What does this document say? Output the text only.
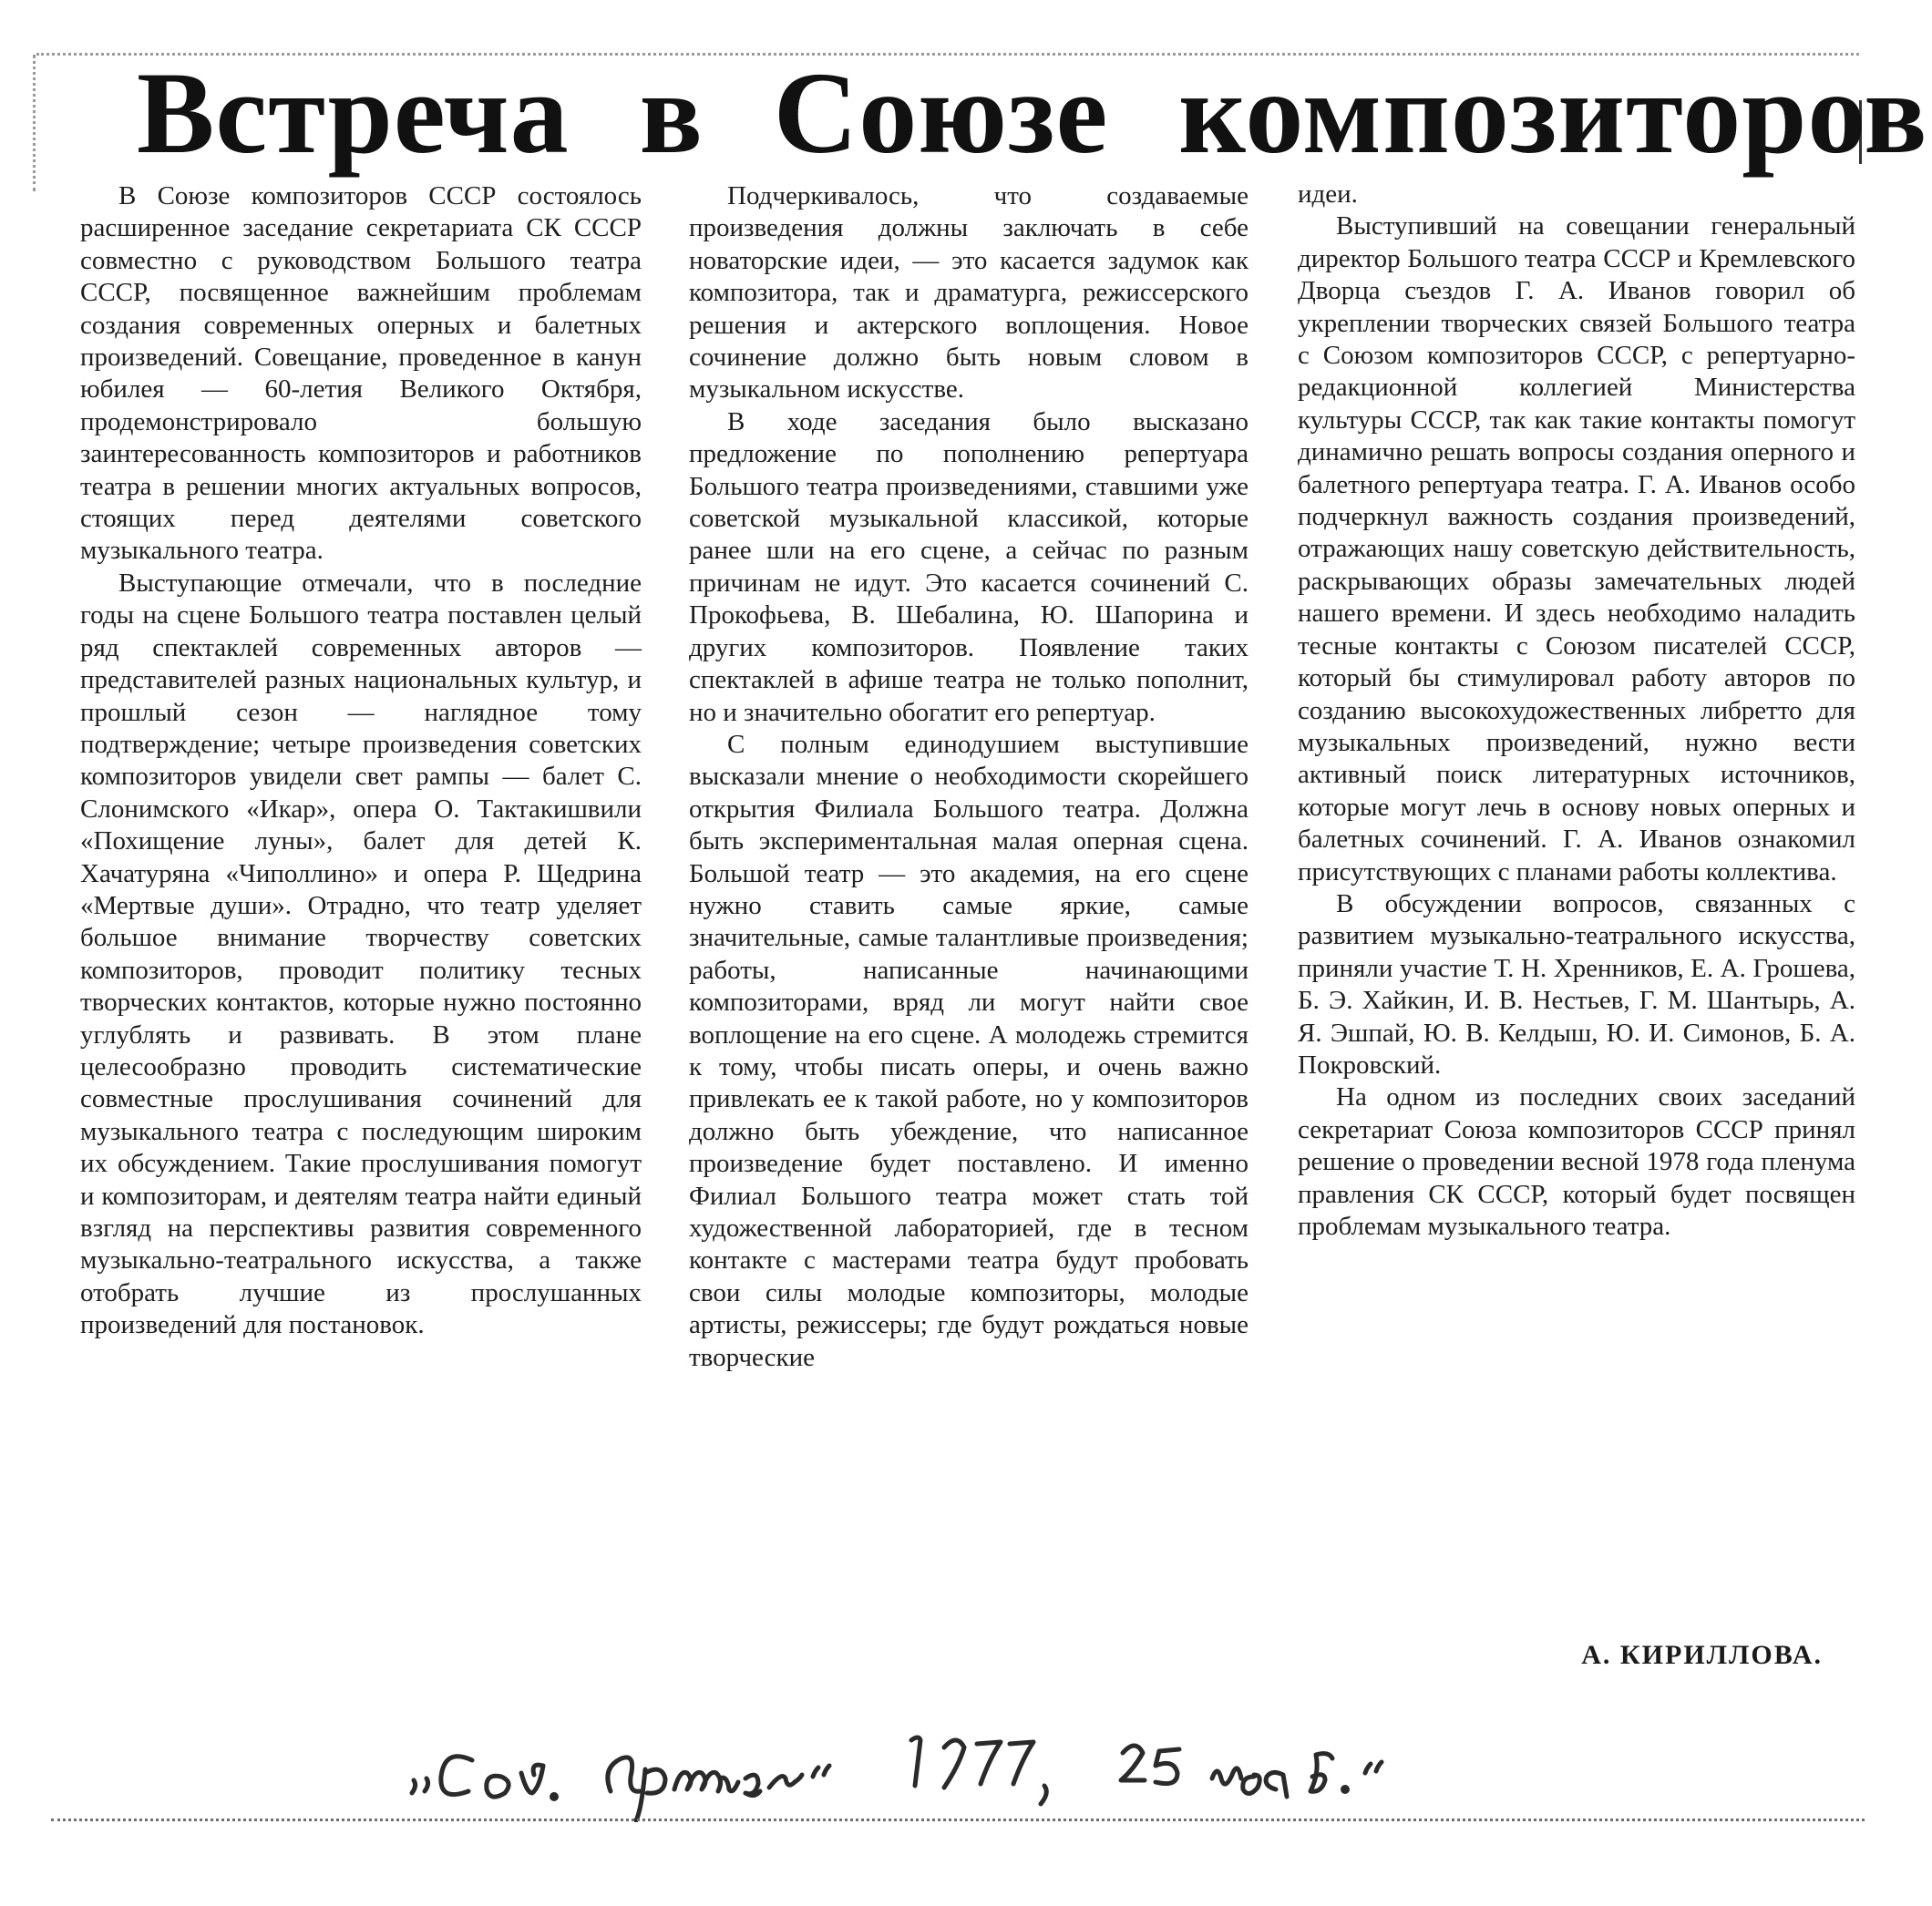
Встреча в Союзе композиторов

В Союзе композиторов СССР состоялось расширенное заседание секретариата СК СССР совместно с руководством Большого театра СССР, посвященное важнейшим проблемам создания современных оперных и балетных произведений. Совещание, проведенное в канун юбилея — 60-летия Великого Октября, продемонстрировало большую заинтересованность композиторов и работников театра в решении многих актуальных вопросов, стоящих перед деятелями советского музыкального театра.

Выступающие отмечали, что в последние годы на сцене Большого театра поставлен целый ряд спектаклей современных авторов — представителей разных национальных культур, и прошлый сезон — наглядное тому подтверждение; четыре произведения советских композиторов увидели свет рампы — балет С. Слонимского «Икар», опера О. Тактакишвили «Похищение луны», балет для детей К. Хачатуряна «Чиполлино» и опера Р. Щедрина «Мертвые души». Отрадно, что театр уделяет большое внимание творчеству советских композиторов, проводит политику тесных творческих контактов, которые нужно постоянно углублять и развивать. В этом плане целесообразно проводить систематические совместные прослушивания сочинений для музыкального театра с последующим широким их обсуждением. Такие прослушивания помогут и композиторам, и деятелям театра найти единый взгляд на перспективы развития современного музыкально-театрального искусства, а также отобрать лучшие из прослушанных произведений для постановок.

Подчеркивалось, что создаваемые произведения должны заключать в себе новаторские идеи, — это касается задумок как композитора, так и драматурга, режиссерского решения и актерского воплощения. Новое сочинение должно быть новым словом в музыкальном искусстве.

В ходе заседания было высказано предложение по пополнению репертуара Большого театра произведениями, ставшими уже советской музыкальной классикой, которые ранее шли на его сцене, а сейчас по разным причинам не идут. Это касается сочинений С. Прокофьева, В. Шебалина, Ю. Шапорина и других композиторов. Появление таких спектаклей в афише театра не только пополнит, но и значительно обогатит его репертуар.

С полным единодушием выступившие высказали мнение о необходимости скорейшего открытия Филиала Большого театра. Должна быть экспериментальная малая оперная сцена. Большой театр — это академия, на его сцене нужно ставить самые яркие, самые значительные, самые талантливые произведения; работы, написанные начинающими композиторами, вряд ли могут найти свое воплощение на его сцене. А молодежь стремится к тому, чтобы писать оперы, и очень важно привлекать ее к такой работе, но у композиторов должно быть убеждение, что написанное произведение будет поставлено. И именно Филиал Большого театра может стать той художественной лабораторией, где в тесном контакте с мастерами театра будут пробовать свои силы молодые композиторы, молодые артисты, режиссеры; где будут рождаться новые творческие

идеи.

Выступивший на совещании генеральный директор Большого театра СССР и Кремлевского Дворца съездов Г. А. Иванов говорил об укреплении творческих связей Большого театра с Союзом композиторов СССР, с репертуарно-редакционной коллегией Министерства культуры СССР, так как такие контакты помогут динамично решать вопросы создания оперного и балетного репертуара театра. Г. А. Иванов особо подчеркнул важность создания произведений, отражающих нашу советскую действительность, раскрывающих образы замечательных людей нашего времени. И здесь необходимо наладить тесные контакты с Союзом писателей СССР, который бы стимулировал работу авторов по созданию высокохудожественных либретто для музыкальных произведений, нужно вести активный поиск литературных источников, которые могут лечь в основу новых оперных и балетных сочинений. Г. А. Иванов ознакомил присутствующих с планами работы коллектива.

В обсуждении вопросов, связанных с развитием музыкально-театрального искусства, приняли участие Т. Н. Хренников, Е. А. Грошева, Б. Э. Хайкин, И. В. Нестьев, Г. М. Шантырь, А. Я. Эшпай, Ю. В. Келдыш, Ю. И. Симонов, Б. А. Покровский.

На одном из последних своих заседаний секретариат Союза композиторов СССР принял решение о проведении весной 1978 года пленума правления СК СССР, который будет посвящен проблемам музыкального театра.

А. КИРИЛЛОВА.
